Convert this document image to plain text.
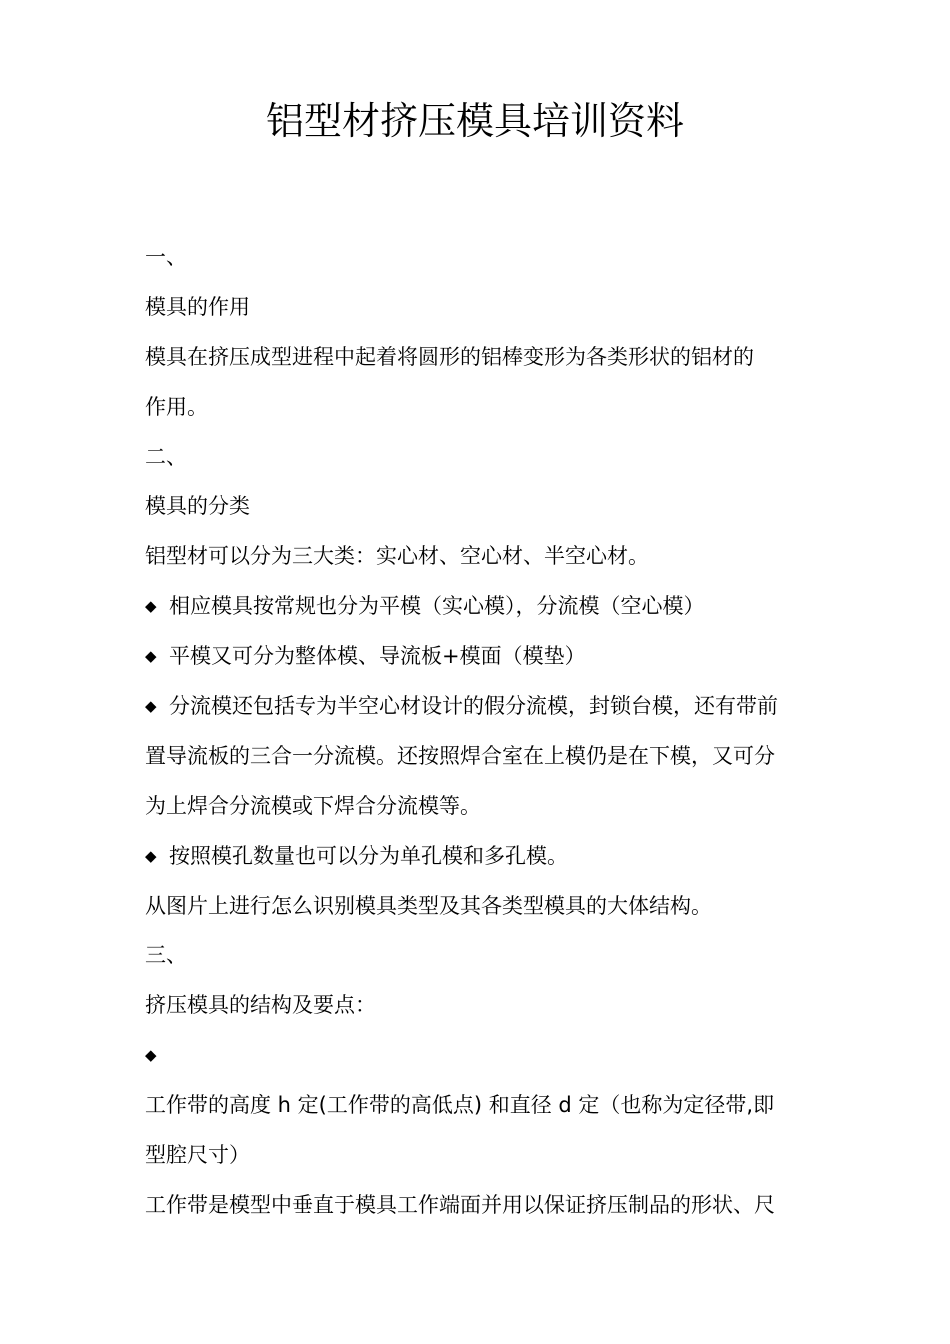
铝型材挤压模具培训资料
一、
模具的作用
模具在挤压成型进程中起着将圆形的铝棒变形为各类形状的铝材的
作用。
二、
模具的分类
铝型材可以分为三大类：实心材、空心材、半空心材。
◆ 相应模具按常规也分为平模（实心模），分流模（空心模）
◆ 平模又可分为整体模、导流板+模面（模垫）
◆ 分流模还包括专为半空心材设计的假分流模，封锁台模，还有带前
置导流板的三合一分流模。还按照焊合室在上模仍是在下模，又可分
为上焊合分流模或下焊合分流模等。
◆ 按照模孔数量也可以分为单孔模和多孔模。
从图片上进行怎么识别模具类型及其各类型模具的大体结构。
三、
挤压模具的结构及要点：
◆
工作带的高度 h 定(工作带的高低点) 和直径 d 定（也称为定径带,即
型腔尺寸）
工作带是模型中垂直于模具工作端面并用以保证挤压制品的形状、尺
